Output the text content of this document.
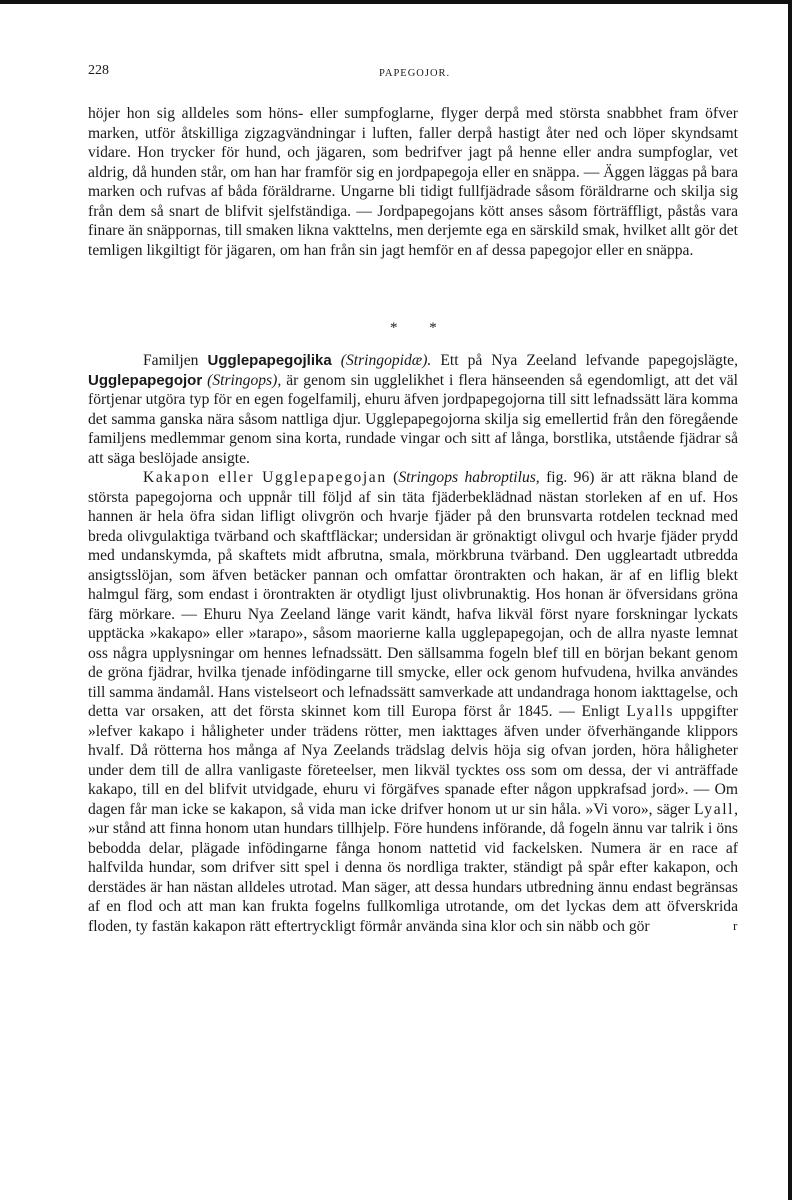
228	PAPEGOJOR.

höjer hon sig alldeles som höns- eller sumpfoglarne, flyger derpå med största snabbhet fram öfver marken, utför åtskilliga zigzagvändningar i luften, faller derpå hastigt åter ned och löper skyndsamt vidare. Hon trycker för hund, och jägaren, som bedrifver jagt på henne eller andra sumpfoglar, vet aldrig, då hunden står, om han har framför sig en jordpapegoja eller en snäppa. — Äggen läggas på bara marken och rufvas af båda föräldrarne. Ungarne bli tidigt fullfjädrade såsom föräldrarne och skilja sig från dem så snart de blifvit sjelfständiga. — Jordpapegojans kött anses såsom förträffligt, påstås vara finare än snäppornas, till smaken likna vakttelns, men derjemte ega en särskild smak, hvilket allt gör det temligen likgiltigt för jägaren, om han från sin jagt hemför en af dessa papegojor eller en snäppa.

* *

Familjen Ugglepapegojlika (Stringopidæ). Ett på Nya Zeeland lefvande papegojslägte, Ugglepapegojor (Stringops), är genom sin ugglelikhet i flera hänseenden så egendomligt, att det väl förtjenar utgöra typ för en egen fogelfamilj, ehuru äfven jordpapegojorna till sitt lefnadssätt lära komma det samma ganska nära såsom nattliga djur. Ugglepapegojorna skilja sig emellertid från den föregående familjens medlemmar genom sina korta, rundade vingar och sitt af långa, borstlika, utstående fjädrar så att säga beslöjade ansigte.

Kakapon eller Ugglepapegojan (Stringops habroptilus, fig. 96) är att räkna bland de största papegojorna och uppnår till följd af sin täta fjäderbeklädnad nästan storleken af en uf. Hos hannen är hela öfra sidan lifligt olivgrön och hvarje fjäder på den brunsvarta rotdelen tecknad med breda olivgulaktiga tvärband och skaftfläckar; undersidan är grönaktigt olivgul och hvarje fjäder prydd med undanskymda, på skaftets midt afbrutna, smala, mörkbruna tvärband. Den uggleartadt utbredda ansigtsslöjan, som äfven betäcker pannan och omfattar örontrakten och hakan, är af en liflig blekt halmgul färg, som endast i örontrakten är otydligt ljust olivbrunaktig. Hos honan är öfversidans gröna färg mörkare. — Ehuru Nya Zeeland länge varit kändt, hafva likväl först nyare forskningar lyckats upptäcka »kakapo» eller »tarapo», såsom maorierne kalla ugglepapegojan, och de allra nyaste lemnat oss några upplysningar om hennes lefnadssätt. Den sällsamma fogeln blef till en början bekant genom de gröna fjädrar, hvilka tjenade infödingarne till smycke, eller ock genom hufvudena, hvilka användes till samma ändamål. Hans vistelseort och lefnadssätt samverkade att undandraga honom iakttagelse, och detta var orsaken, att det första skinnet kom till Europa först år 1845. — Enligt Lyalls uppgifter »lefver kakapo i håligheter under trädens rötter, men iakttages äfven under öfverhängande klippors hvalf. Då rötterna hos många af Nya Zeelands trädslag delvis höja sig ofvan jorden, höra håligheter under dem till de allra vanligaste företeelser, men likväl tycktes oss som om dessa, der vi anträffade kakapo, till en del blifvit utvidgade, ehuru vi förgäfves spanade efter någon uppkrafsad jord». — Om dagen får man icke se kakapon, så vida man icke drifver honom ut ur sin håla. »Vi voro», säger Lyall, »ur stånd att finna honom utan hundars tillhjelp. Före hundens införande, då fogeln ännu var talrik i öns bebodda delar, plägade infödingarne fånga honom nattetid vid fackelsken. Numera är en race af halfvilda hundar, som drifver sitt spel i denna ös nordliga trakter, ständigt på spår efter kakapon, och derstädes är han nästan alldeles utrotad. Man säger, att dessa hundars utbredning ännu endast begränsas af en flod och att man kan frukta fogelns fullkomliga utrotande, om det lyckas dem att öfverskrida floden, ty fastän kakapon rätt eftertryckligt förmår använda sina klor och sin näbb och gör	r
